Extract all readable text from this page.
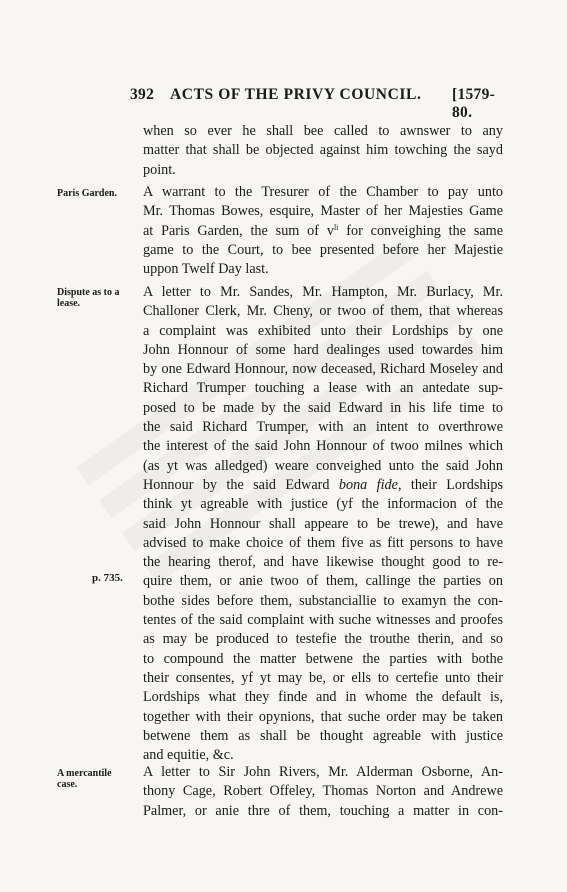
392 ACTS OF THE PRIVY COUNCIL. [1579-80.
when so ever he shall bee called to awnswer to any
matter that shall be objected against him towching the sayd
point.
Paris Garden.	A warrant to the Tresurer of the Chamber to pay unto
Mr. Thomas Bowes, esquire, Master of her Majesties Game
at Paris Garden, the sum of $v^{li}$ for conveighing the same
game to the Court, to bee presented before her Majestie
uppon Twelf Day last.
Dispute as to a lease.
p. 735.
A letter to Mr. Sandes, Mr. Hampton, Mr. Burlacy, Mr.
Challoner Clerk, Mr. Cheny, or twoo of them, that whereas
a complaint was exhibited unto their Lordships by one
John Honnour of some hard dealinges used towardes him
by one Edward Honnour, now deceased, Richard Moseley and
Richard Trumper touching a lease with an antedate sup-
posed to be made by the said Edward in his life time to
the said Richard Trumper, with an intent to overthrowe
the interest of the said John Honnour of twoo milnes which
(as yt was alledged) weare conveighed unto the said John
Honnour by the said Edward bona fide, their Lordships
think yt agreable with justice (yf the informacion of the
said John Honnour shall appeare to be trewe), and have
advised to make choice of them five as fitt persons to have
the hearing therof, and have likewise thought good to re-
quire them, or anie twoo of them, callinge the parties on
bothe sides before them, substanciallie to examyn the con-
tentes of the said complaint with suche witnesses and proofes
as may be produced to testefie the trouthe therin, and so
to compound the matter betwene the parties with bothe
their consentes, yf yt may be, or ells to certefie unto their
Lordships what they finde and in whome the default is,
together with their opynions, that suche order may be taken
betwene them as shall be thought agreable with justice
and equitie, &c.
A mercantile case.
A letter to Sir John Rivers, Mr. Alderman Osborne, An-
thony Cage, Robert Offeley, Thomas Norton and Andrewe
Palmer, or anie thre of them, touching a matter in con-
